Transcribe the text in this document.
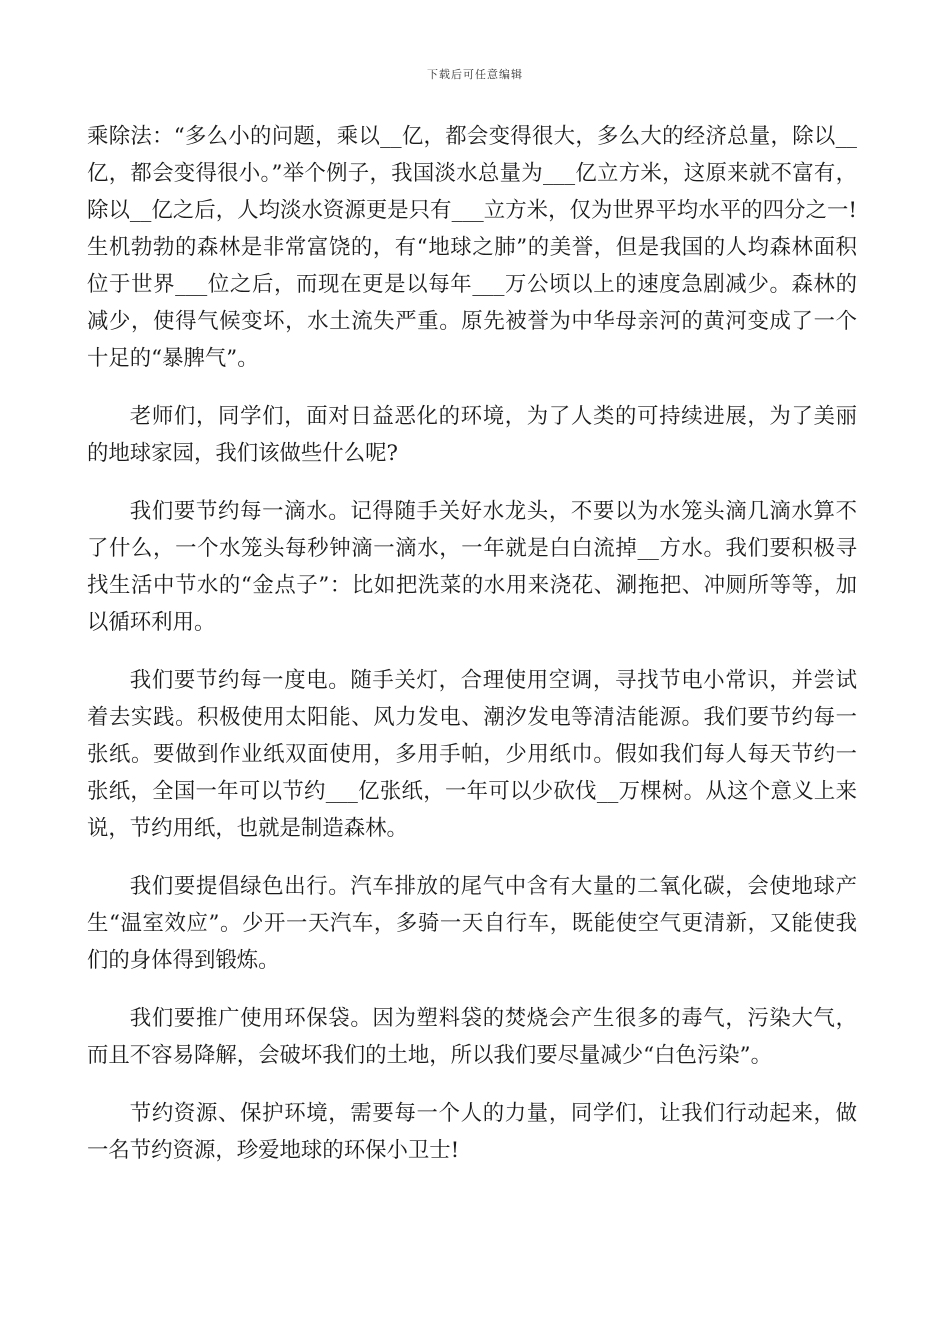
下载后可任意编辑

乘除法：“多么小的问题，乘以__亿，都会变得很大，多么大的经济总量，除以__亿，都会变得很小。”举个例子，我国淡水总量为___亿立方米，这原来就不富有，除以__亿之后，人均淡水资源更是只有___立方米，仅为世界平均水平的四分之一!生机勃勃的森林是非常富饶的，有“地球之肺”的美誉，但是我国的人均森林面积位于世界___位之后，而现在更是以每年___万公顷以上的速度急剧减少。森林的减少，使得气候变坏，水土流失严重。原先被誉为中华母亲河的黄河变成了一个十足的“暴脾气”。

老师们，同学们，面对日益恶化的环境，为了人类的可持续进展，为了美丽的地球家园，我们该做些什么呢?

我们要节约每一滴水。记得随手关好水龙头，不要以为水笼头滴几滴水算不了什么，一个水笼头每秒钟滴一滴水，一年就是白白流掉__方水。我们要积极寻找生活中节水的“金点子”：比如把洗菜的水用来浇花、涮拖把、冲厕所等等，加以循环利用。

我们要节约每一度电。随手关灯，合理使用空调，寻找节电小常识，并尝试着去实践。积极使用太阳能、风力发电、潮汐发电等清洁能源。我们要节约每一张纸。要做到作业纸双面使用，多用手帕，少用纸巾。假如我们每人每天节约一张纸，全国一年可以节约___亿张纸，一年可以少砍伐__万棵树。从这个意义上来说，节约用纸，也就是制造森林。

我们要提倡绿色出行。汽车排放的尾气中含有大量的二氧化碳，会使地球产生“温室效应”。少开一天汽车，多骑一天自行车，既能使空气更清新，又能使我们的身体得到锻炼。

我们要推广使用环保袋。因为塑料袋的焚烧会产生很多的毒气，污染大气，而且不容易降解，会破坏我们的土地，所以我们要尽量减少“白色污染”。

节约资源、保护环境，需要每一个人的力量，同学们，让我们行动起来，做一名节约资源，珍爱地球的环保小卫士!
